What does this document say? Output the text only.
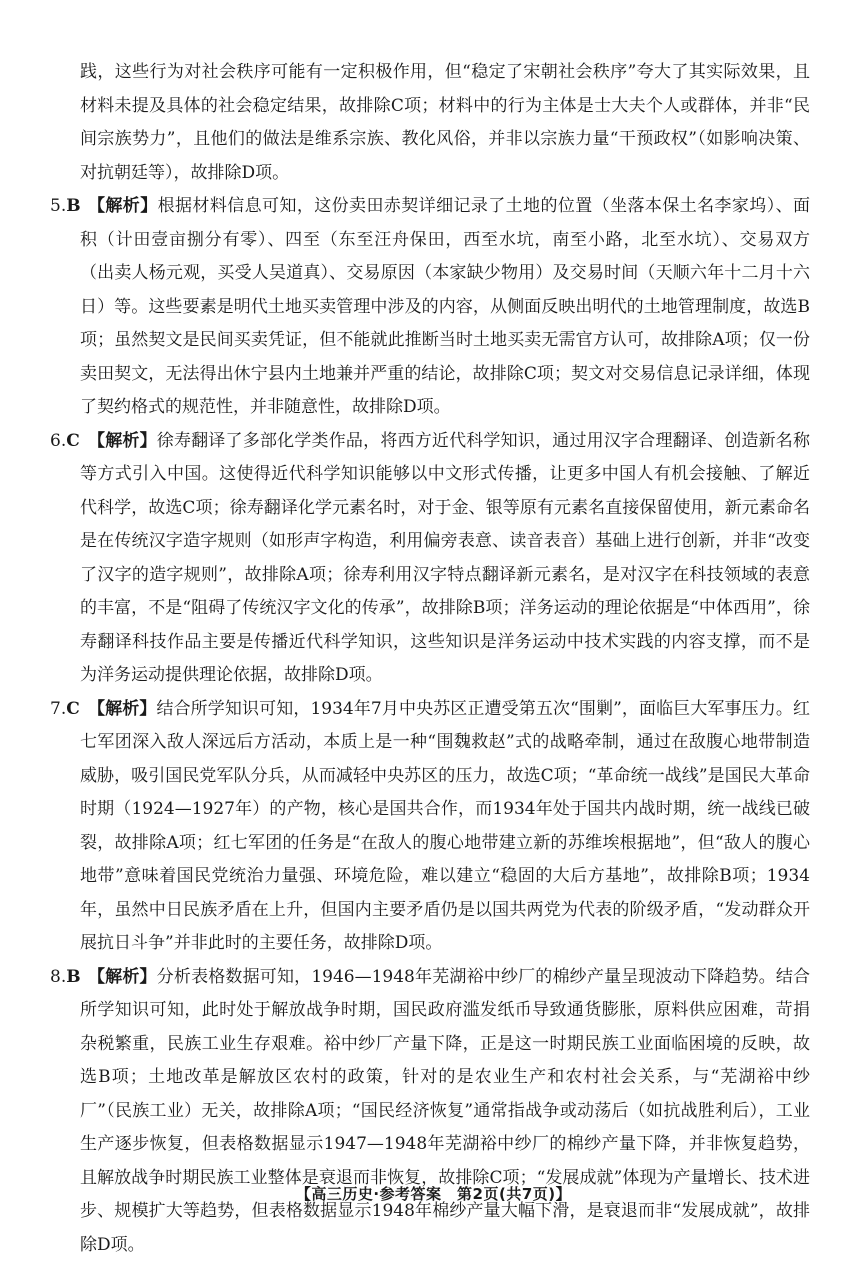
践，这些行为对社会秩序可能有一定积极作用，但“稳定了宋朝社会秩序”夸大了其实际效果，且材料未提及具体的社会稳定结果，故排除C项；材料中的行为主体是士大夫个人或群体，并非“民间宗族势力”，且他们的做法是维系宗族、教化风俗，并非以宗族力量“干预政权”（如影响决策、对抗朝廷等），故排除D项。

5.B 【解析】根据材料信息可知，这份卖田赤契详细记录了土地的位置（坐落本保土名李家坞）、面积（计田壹亩捌分有零）、四至（东至汪舟保田，西至水坑，南至小路，北至水坑）、交易双方（出卖人杨元观，买受人吴道真）、交易原因（本家缺少物用）及交易时间（天顺六年十二月十六日）等。这些要素是明代土地买卖管理中涉及的内容，从侧面反映出明代的土地管理制度，故选B项；虽然契文是民间买卖凭证，但不能就此推断当时土地买卖无需官方认可，故排除A项；仅一份卖田契文，无法得出休宁县内土地兼并严重的结论，故排除C项；契文对交易信息记录详细，体现了契约格式的规范性，并非随意性，故排除D项。
6.C 【解析】徐寿翻译了多部化学类作品，将西方近代科学知识，通过用汉字合理翻译、创造新名称等方式引入中国。这使得近代科学知识能够以中文形式传播，让更多中国人有机会接触、了解近代科学，故选C项；徐寿翻译化学元素名时，对于金、银等原有元素名直接保留使用，新元素命名是在传统汉字造字规则（如形声字构造，利用偏旁表意、读音表音）基础上进行创新，并非“改变了汉字的造字规则”，故排除A项；徐寿利用汉字特点翻译新元素名，是对汉字在科技领域的表意的丰富，不是“阻碍了传统汉字文化的传承”，故排除B项；洋务运动的理论依据是“中体西用”，徐寿翻译科技作品主要是传播近代科学知识，这些知识是洋务运动中技术实践的内容支撑，而不是为洋务运动提供理论依据，故排除D项。
7.C 【解析】结合所学知识可知，1934年7月中央苏区正遭受第五次“围剿”，面临巨大军事压力。红七军团深入敌人深远后方活动，本质上是一种“围魏救赵”式的战略牵制，通过在敌腹心地带制造威胁，吸引国民党军队分兵，从而减轻中央苏区的压力，故选C项；“革命统一战线”是国民大革命时期（1924—1927年）的产物，核心是国共合作，而1934年处于国共内战时期，统一战线已破裂，故排除A项；红七军团的任务是“在敌人的腹心地带建立新的苏维埃根据地”，但“敌人的腹心地带”意味着国民党统治力量强、环境危险，难以建立“稳固的大后方基地”，故排除B项；1934年，虽然中日民族矛盾在上升，但国内主要矛盾仍是以国共两党为代表的阶级矛盾，“发动群众开展抗日斗争”并非此时的主要任务，故排除D项。
8.B 【解析】分析表格数据可知，1946—1948年芜湖裕中纱厂的棉纱产量呈现波动下降趋势。结合所学知识可知，此时处于解放战争时期，国民政府滥发纸币导致通货膨胀，原料供应困难，苛捐杂税繁重，民族工业生存艰难。裕中纱厂产量下降，正是这一时期民族工业面临困境的反映，故选B项；土地改革是解放区农村的政策，针对的是农业生产和农村社会关系，与“芜湖裕中纱厂”（民族工业）无关，故排除A项；“国民经济恢复”通常指战争或动荡后（如抗战胜利后），工业生产逐步恢复，但表格数据显示1947—1948年芜湖裕中纱厂的棉纱产量下降，并非恢复趋势，且解放战争时期民族工业整体是衰退而非恢复，故排除C项；“发展成就”体现为产量增长、技术进步、规模扩大等趋势，但表格数据显示1948年棉纱产量大幅下滑，是衰退而非“发展成就”，故排除D项。
【高三历史·参考答案　第2页(共7页)】
